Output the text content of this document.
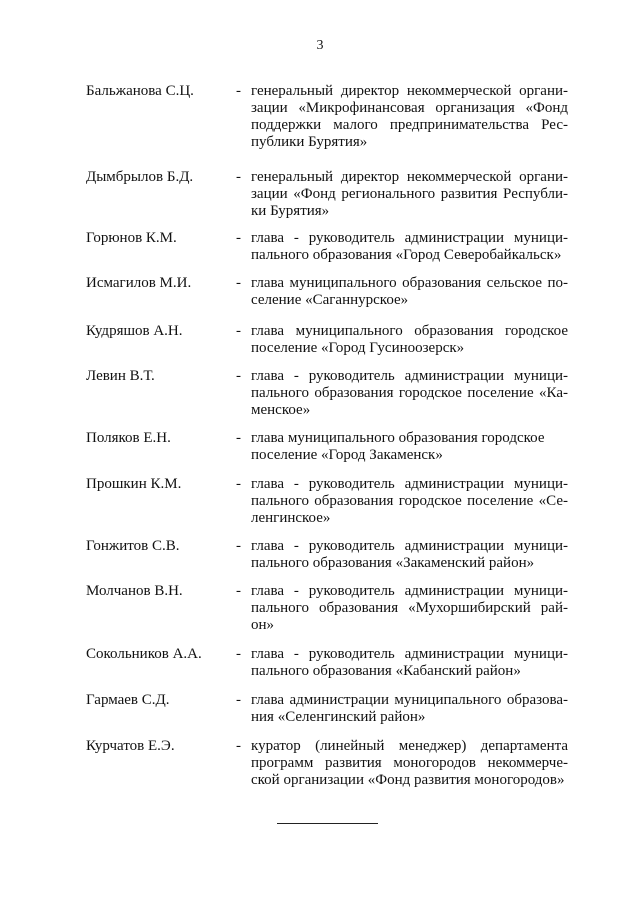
3
Бальжанова С.Ц.	- генеральный директор некоммерческой органи-
зации «Микрофинансовая организация «Фонд
поддержки малого предпринимательства Рес-
публики Бурятия»
Дымбрылов Б.Д.	- генеральный директор некоммерческой органи-
зации «Фонд регионального развития Республи-
ки Бурятия»
Горюнов К.М.	- глава - руководитель администрации муници-
пального образования «Город Северобайкальск»
Исмагилов М.И.	- глава муниципального образования сельское по-
селение «Саганнурское»
Кудряшов А.Н.	- глава муниципального образования городское
поселение «Город Гусиноозерск»
Левин В.Т.	- глава - руководитель администрации муници-
пального образования городское поселение «Ка-
менское»
Поляков Е.Н.	- глава муниципального образования городское
поселение «Город Закаменск»
Прошкин К.М.	- глава - руководитель администрации муници-
пального образования городское поселение «Се-
ленгинское»
Гонжитов С.В.	- глава - руководитель администрации муници-
пального образования «Закаменский район»
Молчанов В.Н.	- глава - руководитель администрации муници-
пального образования «Мухоршибирский рай-
он»
Сокольников А.А. - глава - руководитель администрации муници-
пального образования «Кабанский район»
Гармаев С.Д.	- глава администрации муниципального образова-
ния «Селенгинский район»
Курчатов Е.Э.	- куратор (линейный менеджер) департамента
программ развития моногородов некоммерче-
ской организации «Фонд развития моногородов»
